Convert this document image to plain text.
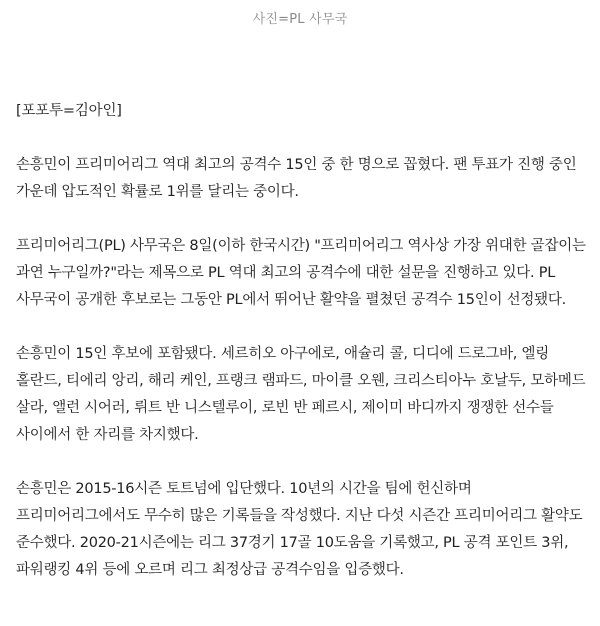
사진=PL 사무국
[포포투=김아인]

손흥민이 프리미어리그 역대 최고의 공격수 15인 중 한 명으로 꼽혔다. 팬 투표가 진행 중인 가운데 압도적인 확률로 1위를 달리는 중이다.

프리미어리그(PL) 사무국은 8일(이하 한국시간) "프리미어리그 역사상 가장 위대한 골잡이는 과연 누구일까?"라는 제목으로 PL 역대 최고의 공격수에 대한 설문을 진행하고 있다. PL 사무국이 공개한 후보로는 그동안 PL에서 뛰어난 활약을 펼쳤던 공격수 15인이 선정됐다.

손흥민이 15인 후보에 포함됐다. 세르히오 아구에로, 애슐리 콜, 디디에 드로그바, 엘링 홀란드, 티에리 앙리, 해리 케인, 프랭크 램파드, 마이클 오웬, 크리스티아누 호날두, 모하메드 살라, 앨런 시어러, 뤼트 반 니스텔루이, 로빈 반 페르시, 제이미 바디까지 쟁쟁한 선수들 사이에서 한 자리를 차지했다.

손흥민은 2015-16시즌 토트넘에 입단했다. 10년의 시간을 팀에 헌신하며 프리미어리그에서도 무수히 많은 기록들을 작성했다. 지난 다섯 시즌간 프리미어리그 활약도 준수했다. 2020-21시즌에는 리그 37경기 17골 10도움을 기록했고, PL 공격 포인트 3위, 파워랭킹 4위 등에 오르며 리그 최정상급 공격수임을 입증했다.
